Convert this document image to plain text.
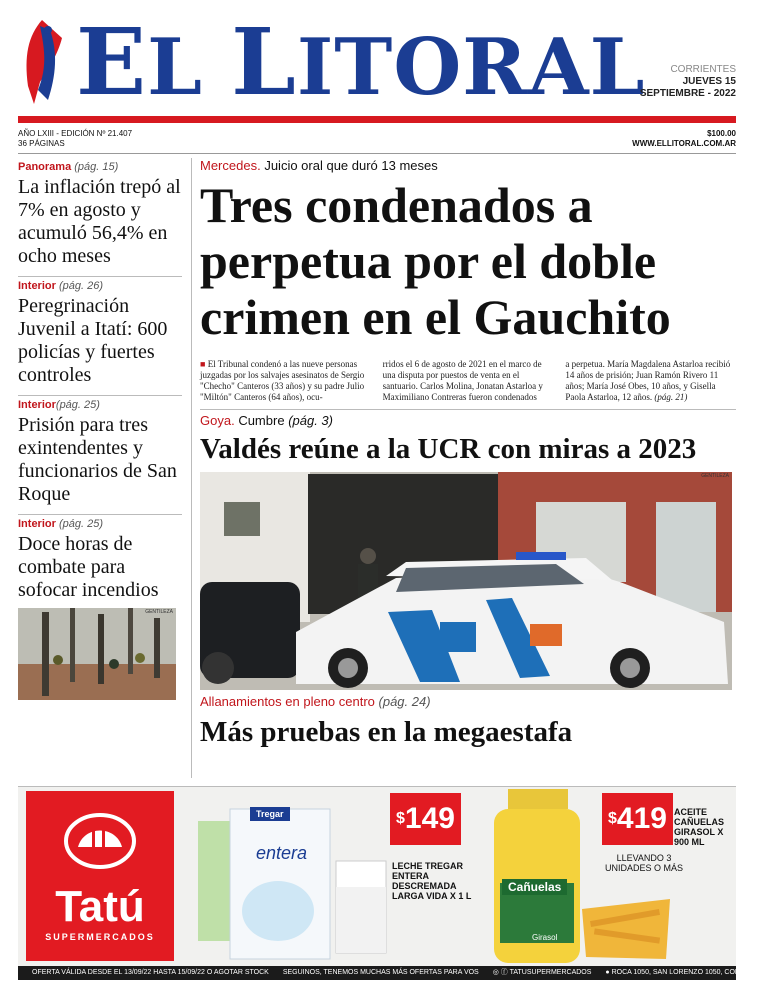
EL LITORAL	CORRIENTES
JUEVES 15
SEPTIEMBRE - 2022
AÑO LXIII - EDICIÓN Nº 21.407
36 PÁGINAS
$100.00
WWW.ELLITORAL.COM.AR
Panorama (pág. 15)
La inflación trepó al 7% en agosto y acumuló 56,4% en ocho meses
Interior (pág. 26)
Peregrinación Juvenil a Itatí: 600 policías y fuertes controles
Interior(pág. 25)
Prisión para tres exintendentes y funcionarios de San Roque
Interior (pág. 25)
Doce horas de combate para sofocar incendios
GENTILEZA
Mercedes. Juicio oral que duró 13 meses
Tres condenados a perpetua por el doble crimen en el Gauchito
■ El Tribunal condenó a las nueve personas juzgadas por los salvajes asesinatos de Sergio "Checho" Canteros (33 años) y su padre Julio "Miltón" Canteros (64 años), ocu-
rridos el 6 de agosto de 2021 en el marco de una disputa por puestos de venta en el santuario. Carlos Molina, Jonatan Astarloa y Maximiliano Contreras fueron condenados
a perpetua. María Magdalena Astarloa recibió 14 años de prisión; Juan Ramón Rivero 11 años; María José Obes, 10 años, y Gisella Paola Astarloa, 12 años. (pág. 21)
Goya. Cumbre (pág. 3)
Valdés reúne a la UCR con miras a 2023
GENTILEZA
Allanamientos en pleno centro (pág. 24)
Más pruebas en la megaestafa
Tatú
SUPERMERCADOS
Tregar
entera
$149
LECHE TREGAR ENTERA DESCREMADA LARGA VIDA X 1 L
Cañuelas
Girasol
$419 ACEITE CAÑUELAS GIRASOL X 900 ML
LLEVANDO 3 UNIDADES O MÁS
OFERTA VÁLIDA DESDE EL 13/09/22 HASTA 15/09/22 O AGOTAR STOCK SEGUINOS, TENEMOS MUCHAS MÁS OFERTAS PARA VOS ◎ ⓕ TATUSUPERMERCADOS ● ROCA 1050, SAN LORENZO 1050, CORRIENTES
